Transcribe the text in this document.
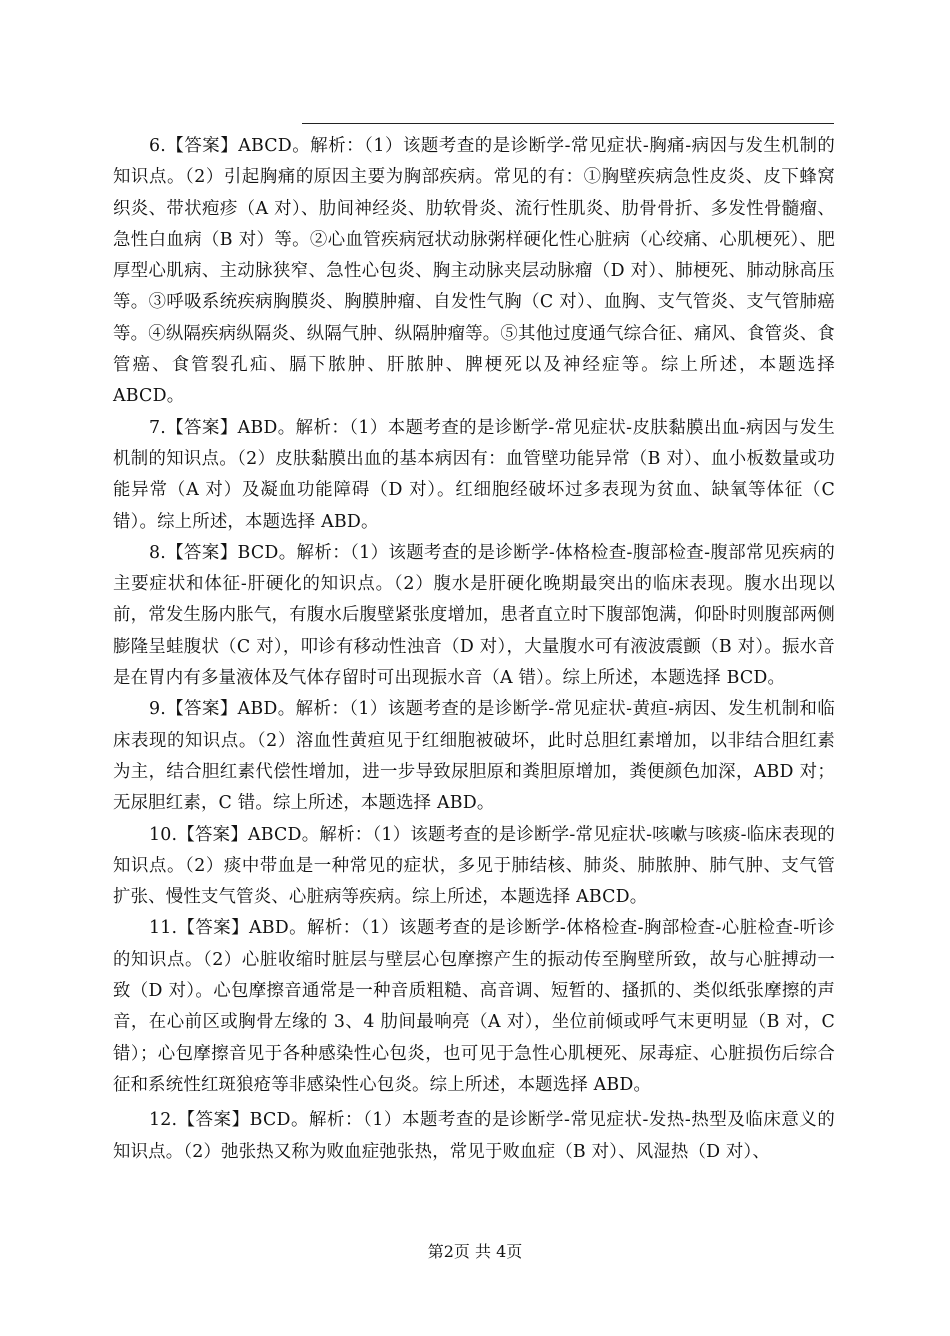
6.【答案】ABCD。解析：（1）该题考查的是诊断学-常见症状-胸痛-病因与发生机制的知识点。（2）引起胸痛的原因主要为胸部疾病。常见的有：①胸壁疾病急性皮炎、皮下蜂窝织炎、带状疱疹（A 对）、肋间神经炎、肋软骨炎、流行性肌炎、肋骨骨折、多发性骨髓瘤、急性白血病（B 对）等。②心血管疾病冠状动脉粥样硬化性心脏病（心绞痛、心肌梗死）、肥厚型心肌病、主动脉狭窄、急性心包炎、胸主动脉夹层动脉瘤（D 对）、肺梗死、肺动脉高压等。③呼吸系统疾病胸膜炎、胸膜肿瘤、自发性气胸（C 对）、血胸、支气管炎、支气管肺癌等。④纵隔疾病纵隔炎、纵隔气肿、纵隔肿瘤等。⑤其他过度通气综合征、痛风、食管炎、食管癌、食管裂孔疝、膈下脓肿、肝脓肿、脾梗死以及神经症等。综上所述，本题选择 ABCD。

7.【答案】ABD。解析：（1）本题考查的是诊断学-常见症状-皮肤黏膜出血-病因与发生机制的知识点。（2）皮肤黏膜出血的基本病因有：血管壁功能异常（B 对）、血小板数量或功能异常（A 对）及凝血功能障碍（D 对）。红细胞经破坏过多表现为贫血、缺氧等体征（C 错）。综上所述，本题选择 ABD。

8.【答案】BCD。解析：（1）该题考查的是诊断学-体格检查-腹部检查-腹部常见疾病的主要症状和体征-肝硬化的知识点。（2）腹水是肝硬化晚期最突出的临床表现。腹水出现以前，常发生肠内胀气，有腹水后腹壁紧张度增加，患者直立时下腹部饱满，仰卧时则腹部两侧膨隆呈蛙腹状（C 对），叩诊有移动性浊音（D 对），大量腹水可有液波震颤（B 对）。振水音是在胃内有多量液体及气体存留时可出现振水音（A 错）。综上所述，本题选择 BCD。

9.【答案】ABD。解析：（1）该题考查的是诊断学-常见症状-黄疸-病因、发生机制和临床表现的知识点。（2）溶血性黄疸见于红细胞被破坏，此时总胆红素增加，以非结合胆红素为主，结合胆红素代偿性增加，进一步导致尿胆原和粪胆原增加，粪便颜色加深，ABD 对；无尿胆红素，C 错。综上所述，本题选择 ABD。

10.【答案】ABCD。解析：（1）该题考查的是诊断学-常见症状-咳嗽与咳痰-临床表现的知识点。（2）痰中带血是一种常见的症状，多见于肺结核、肺炎、肺脓肿、肺气肿、支气管扩张、慢性支气管炎、心脏病等疾病。综上所述，本题选择 ABCD。

11.【答案】ABD。解析：（1）该题考查的是诊断学-体格检查-胸部检查-心脏检查-听诊的知识点。（2）心脏收缩时脏层与壁层心包摩擦产生的振动传至胸壁所致，故与心脏搏动一致（D 对）。心包摩擦音通常是一种音质粗糙、高音调、短暂的、搔抓的、类似纸张摩擦的声音，在心前区或胸骨左缘的 3、4 肋间最响亮（A 对），坐位前倾或呼气末更明显（B 对，C 错）；心包摩擦音见于各种感染性心包炎，也可见于急性心肌梗死、尿毒症、心脏损伤后综合征和系统性红斑狼疮等非感染性心包炎。综上所述，本题选择 ABD。

12.【答案】BCD。解析：（1）本题考查的是诊断学-常见症状-发热-热型及临床意义的知识点。（2）弛张热又称为败血症弛张热，常见于败血症（B 对）、风湿热（D 对）、

第2页 共 4页
